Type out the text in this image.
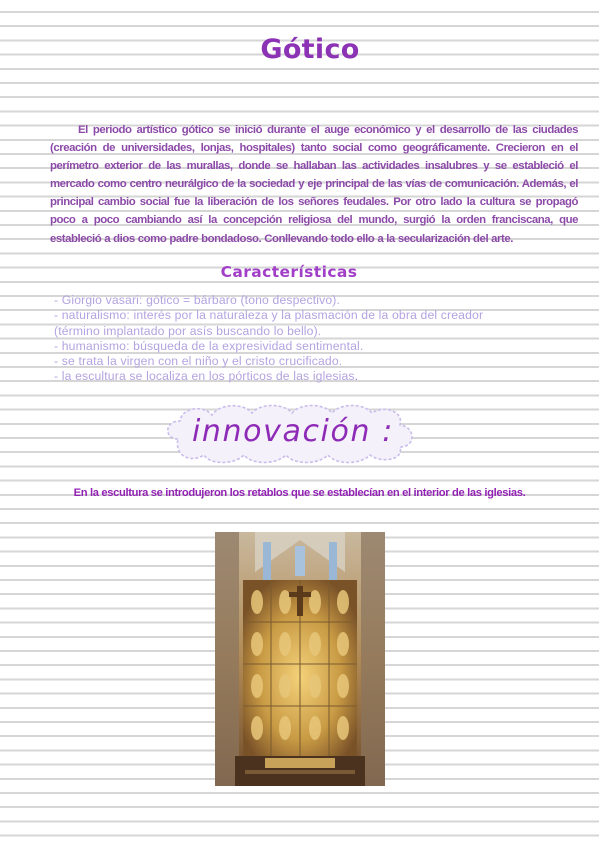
Gótico

El periodo artístico gótico se inició durante el auge económico y el desarrollo de las ciudades (creación de universidades, lonjas, hospitales) tanto social como geográficamente. Crecieron en el perímetro exterior de las murallas, donde se hallaban las actividades insalubres y se estableció el mercado como centro neurálgico de la sociedad y eje principal de las vías de comunicación. Además, el principal cambio social fue la liberación de los señores feudales. Por otro lado la cultura se propagó poco a poco cambiando así la concepción religiosa del mundo, surgió la orden franciscana, que estableció a dios como padre bondadoso. Conllevando todo ello a la secularización del arte.

Características
- Giorgio vasari: gótico = bárbaro (tono despectivo).
- naturalismo: interés por la naturaleza y la plasmación de la obra del creador
(término implantado por asís buscando lo bello).
- humanismo: búsqueda de la expresividad sentimental.
- se trata la virgen con el niño y el cristo crucificado.
- la escultura se localiza en los pórticos de las iglesias.
innovación :
En la escultura se introdujeron los retablos que se establecían en el interior de las iglesias.
